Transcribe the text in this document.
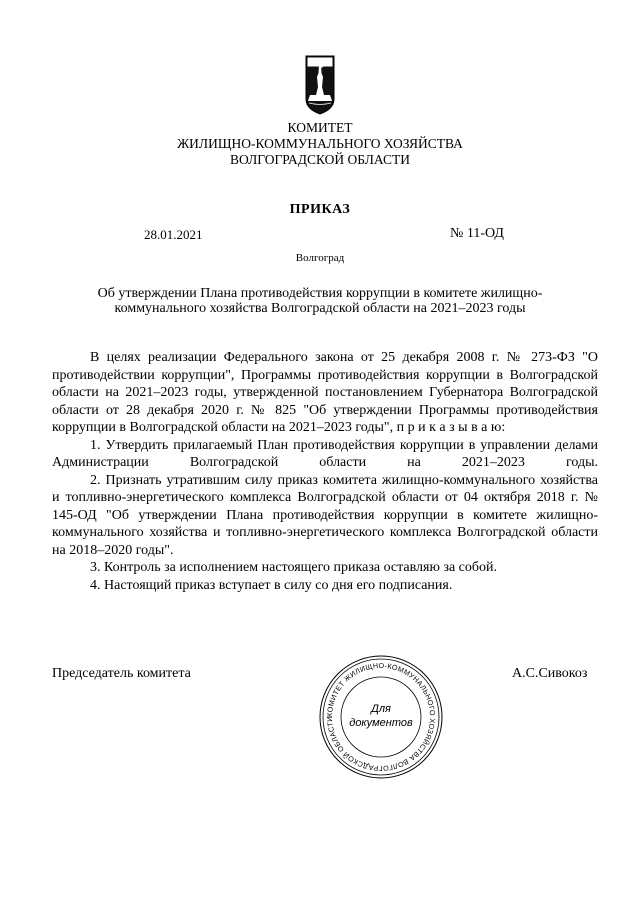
КОМИТЕТ
ЖИЛИЩНО-КОММУНАЛЬНОГО ХОЗЯЙСТВА
ВОЛГОГРАДСКОЙ ОБЛАСТИ
ПРИКАЗ
28.01.2021	№ 11-ОД
Волгоград
Об утверждении Плана противодействия коррупции в комитете жилищно-
коммунального хозяйства Волгоградской области на 2021–2023 годы

В целях реализации Федерального закона от 25 декабря 2008 г. № 273-ФЗ "О противодействии коррупции", Программы противодействия коррупции в Волгоградской области на 2021–2023 годы, утвержденной постановлением Губернатора Волгоградской области от 28 декабря 2020 г. № 825 "Об утверждении Программы противодействия коррупции в Волгоградской области на 2021–2023 годы", п р и к а з ы в а ю:

1. Утвердить прилагаемый План противодействия коррупции в управлении делами Администрации Волгоградской области на 2021–2023 годы.

2. Признать утратившим силу приказ комитета жилищно-коммунального хозяйства и топливно-энергетического комплекса Волгоградской области от 04 октября 2018 г. № 145-ОД "Об утверждении Плана противодействия коррупции в комитете жилищно-коммунального хозяйства и топливно-энергетического комплекса Волгоградской области на 2018–2020 годы".

3. Контроль за исполнением настоящего приказа оставляю за собой.

4. Настоящий приказ вступает в силу со дня его подписания.

Председатель комитета	А.С.Сивокоз
КОМИТЕТ ЖИЛИЩНО-КОММУНАЛЬНОГО ХОЗЯЙСТВА ВОЛГОГРАДСКОЙ ОБЛАСТИ
Для
документов
